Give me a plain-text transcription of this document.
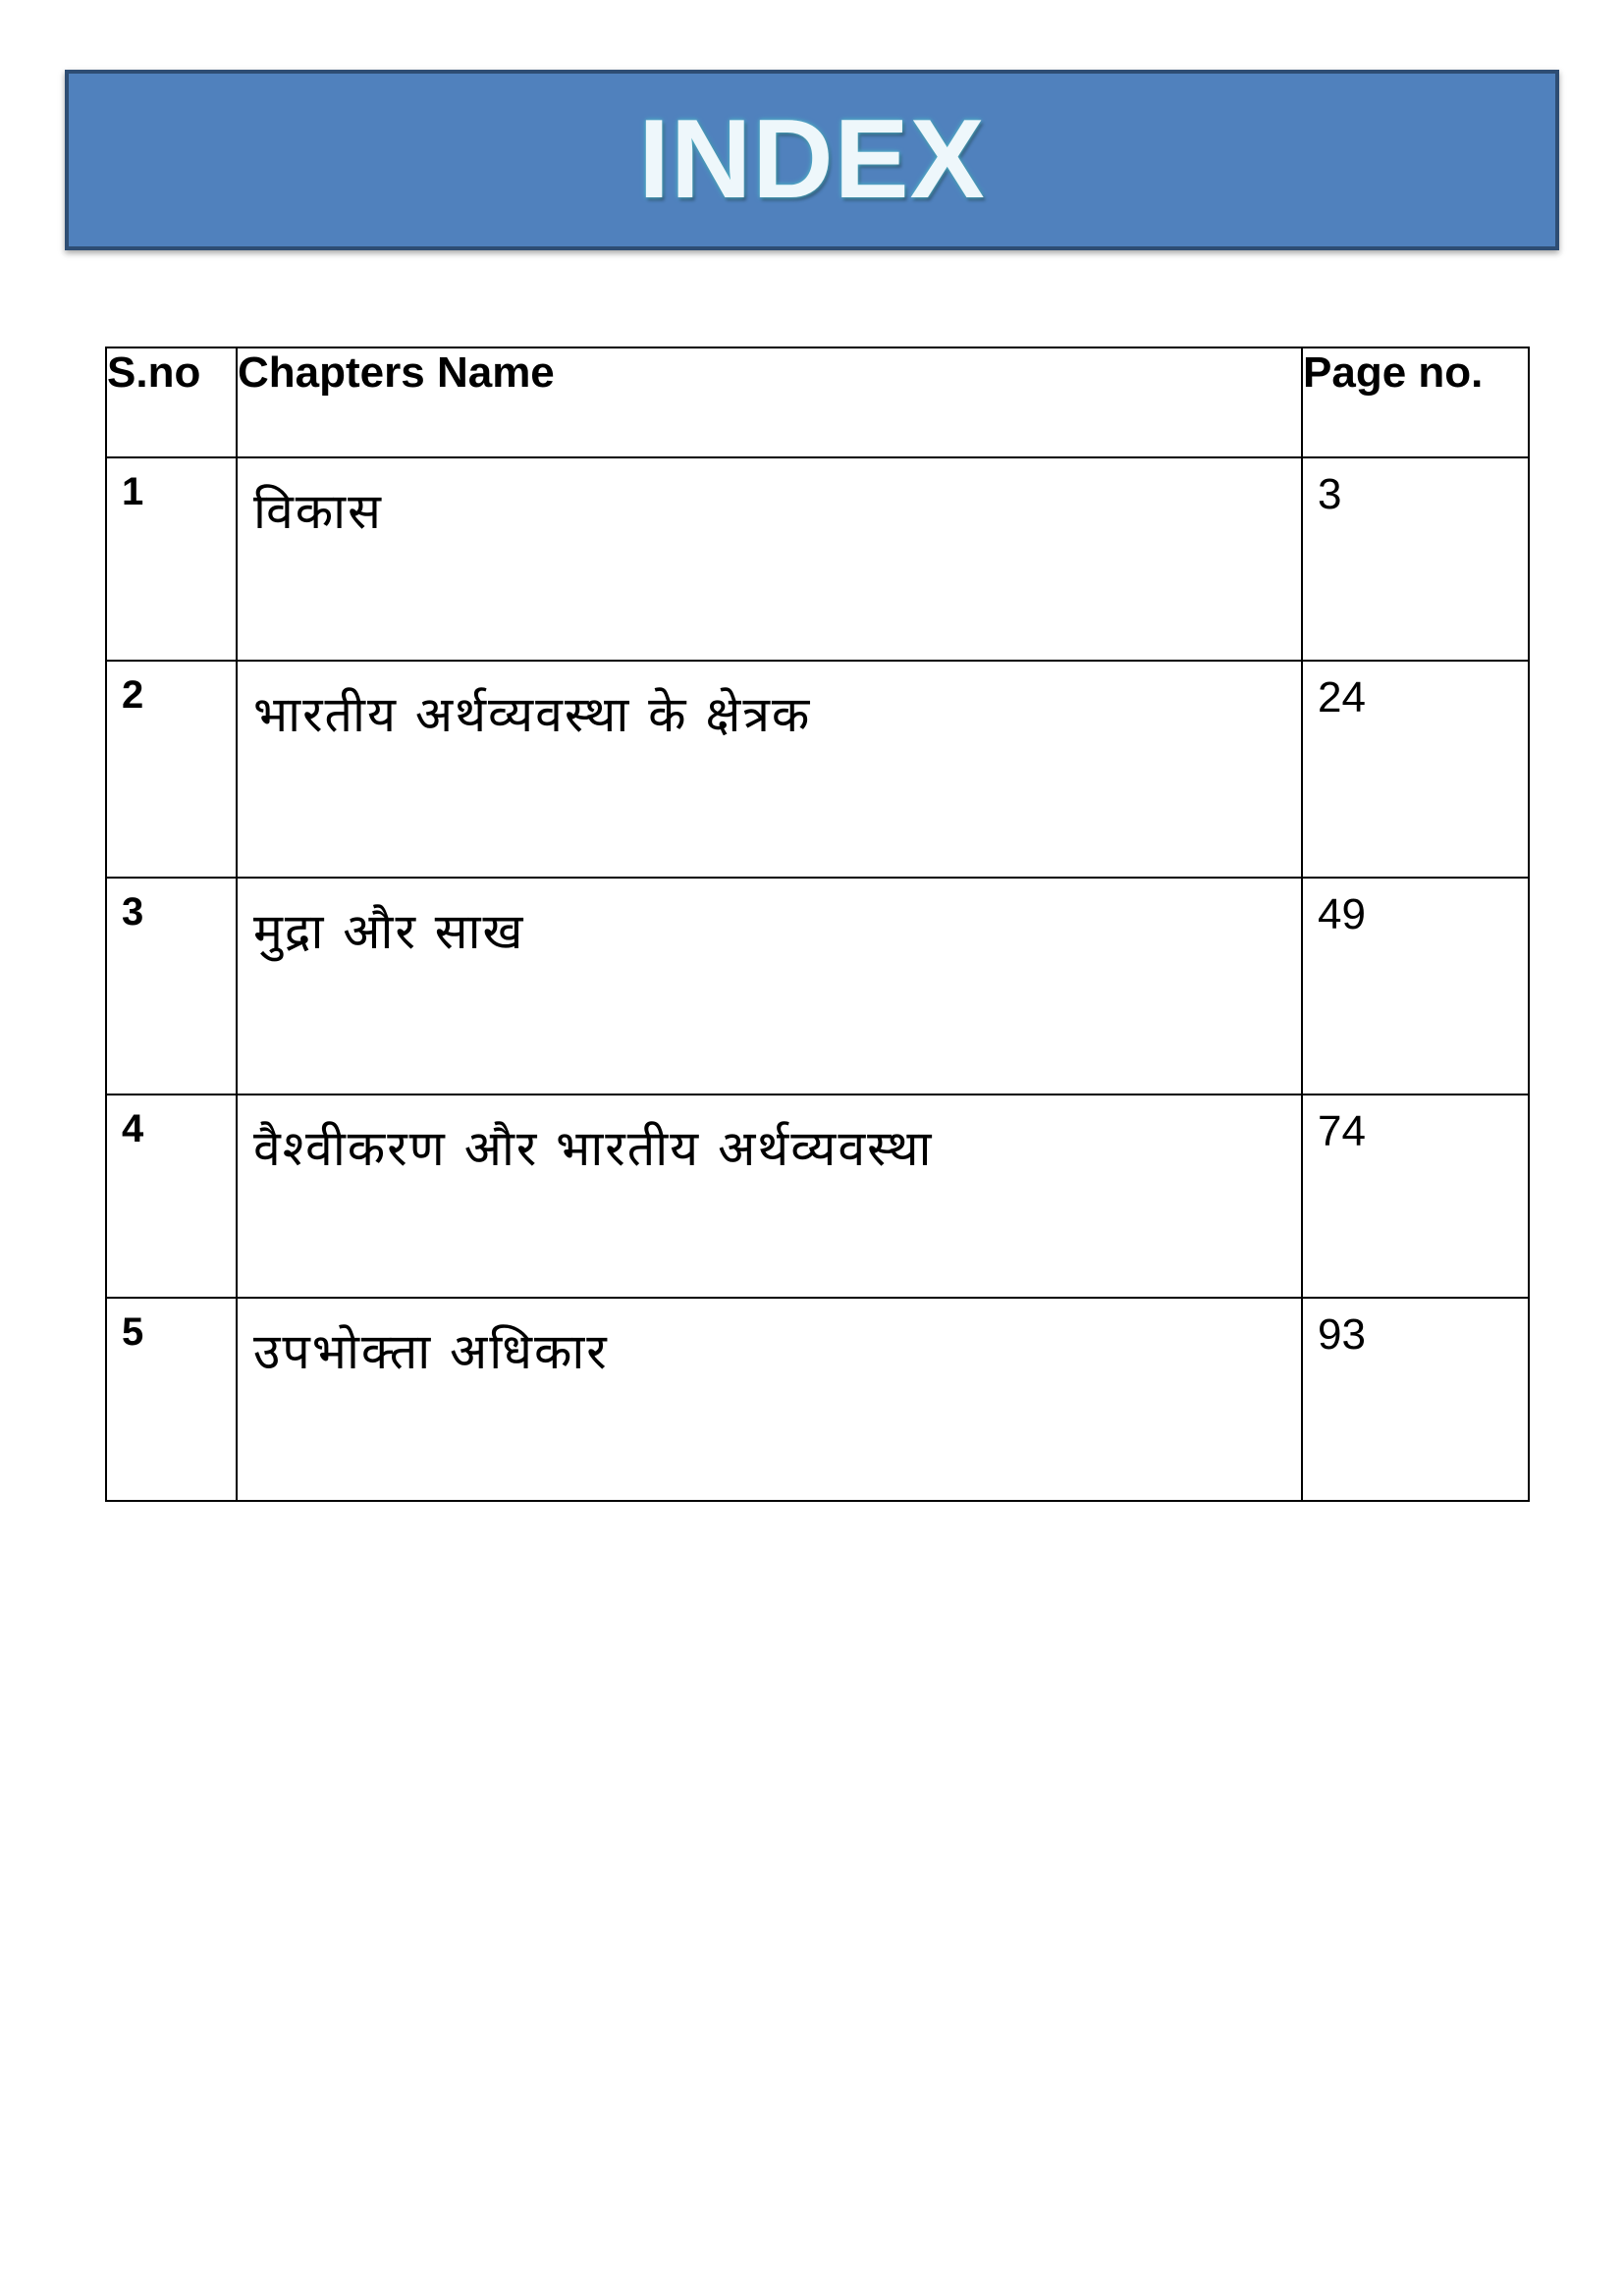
INDEX
S.no	Chapters Name	Page no.
1	विकास	3
2	भारतीय अर्थव्यवस्था के क्षेत्रक	24
3	मुद्रा और साख	49
4	वैश्वीकरण और भारतीय अर्थव्यवस्था	74
5	उपभोक्ता अधिकार	93
